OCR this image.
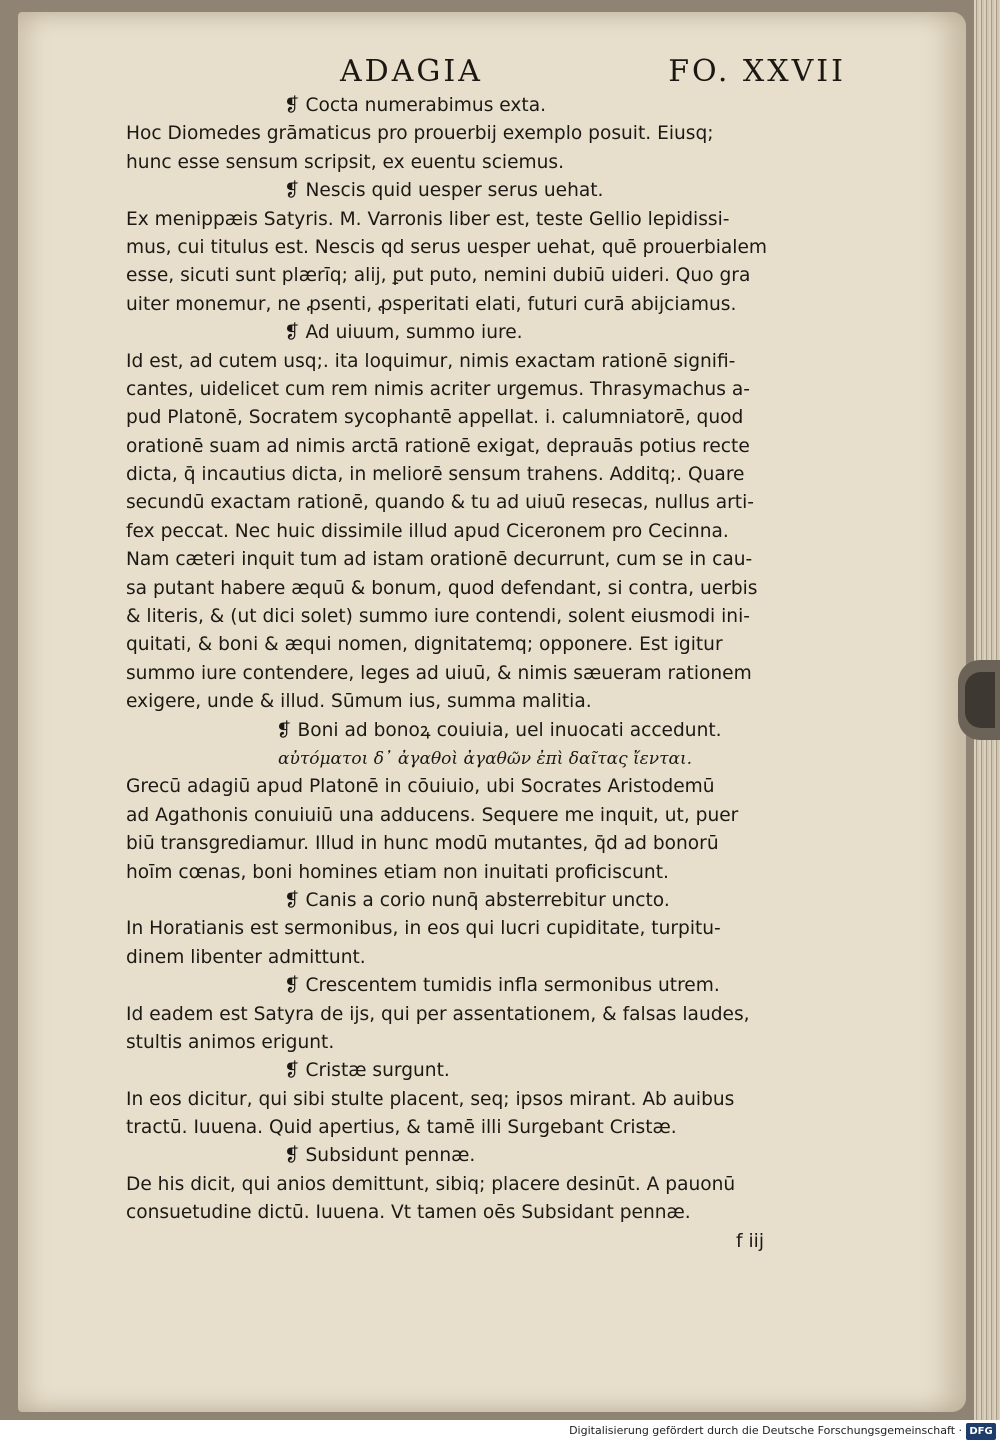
ADAGIA	FO. XXVII
❡ Cocta numerabimus exta.
Hoc Diomedes grāmaticus pro prouerbij exemplo posuit. Eiusq;
hunc esse sensum scripsit, ex euentu sciemus.
❡ Nescis quid uesper serus uehat.
Ex menippæis Satyris. M. Varronis liber est, teste Gellio lepidissi-
mus, cui titulus est. Nescis qd serus uesper uehat, quē prouerbialem
esse, sicuti sunt plærīq; alij, ꝑut puto, nemini dubiū uideri. Quo gra
uiter monemur, ne ꝓsenti, ꝓsperitati elati, futuri curā abijciamus.
❡ Ad uiuum, summo iure.
Id est, ad cutem usq;. ita loquimur, nimis exactam rationē signifi-
cantes, uidelicet cum rem nimis acriter urgemus. Thrasymachus a-
pud Platonē, Socratem sycophantē appellat. i. calumniatorē, quod
orationē suam ad nimis arctā rationē exigat, deprauās potius recte
dicta, q̄ incautius dicta, in meliorē sensum trahens. Additq;. Quare
secundū exactam rationē, quando & tu ad uiuū resecas, nullus arti-
fex peccat. Nec huic dissimile illud apud Ciceronem pro Cecinna.
Nam cæteri inquit tum ad istam orationē decurrunt, cum se in cau-
sa putant habere æquū & bonum, quod defendant, si contra, uerbis
& literis, & (ut dici solet) summo iure contendi, solent eiusmodi ini-
quitati, & boni & æqui nomen, dignitatemq; opponere. Est igitur
summo iure contendere, leges ad uiuū, & nimis sæueram rationem
exigere, unde & illud. Sūmum ius, summa malitia.
❡ Boni ad bonoꝝ couiuia, uel inuocati accedunt.
αὐτόματοι δ᾽ ἀγαθοὶ ἀγαθῶν ἐπὶ δαῖτας ἴενται.
Grecū adagiū apud Platonē in cōuiuio, ubi Socrates Aristodemū
ad Agathonis conuiuiū una adducens. Sequere me inquit, ut, puer
biū transgrediamur. Illud in hunc modū mutantes, q̄d ad bonorū
hoīm cœnas, boni homines etiam non inuitati proficiscunt.
❡ Canis a corio nunq̄ absterrebitur uncto.
In Horatianis est sermonibus, in eos qui lucri cupiditate, turpitu-
dinem libenter admittunt.
❡ Crescentem tumidis infla sermonibus utrem.
Id eadem est Satyra de ijs, qui per assentationem, & falsas laudes,
stultis animos erigunt.
❡ Cristæ surgunt.
In eos dicitur, qui sibi stulte placent, seq; ipsos mirant. Ab auibus
tractū. Iuuena. Quid apertius, & tamē illi Surgebant Cristæ.
❡ Subsidunt pennæ.
De his dicit, qui anios demittunt, sibiq; placere desinūt. A pauonū
consuetudine dictū. Iuuena. Vt tamen oēs Subsidant pennæ.
f iij
Digitalisierung gefördert durch die Deutsche Forschungsgemeinschaft · DFG
